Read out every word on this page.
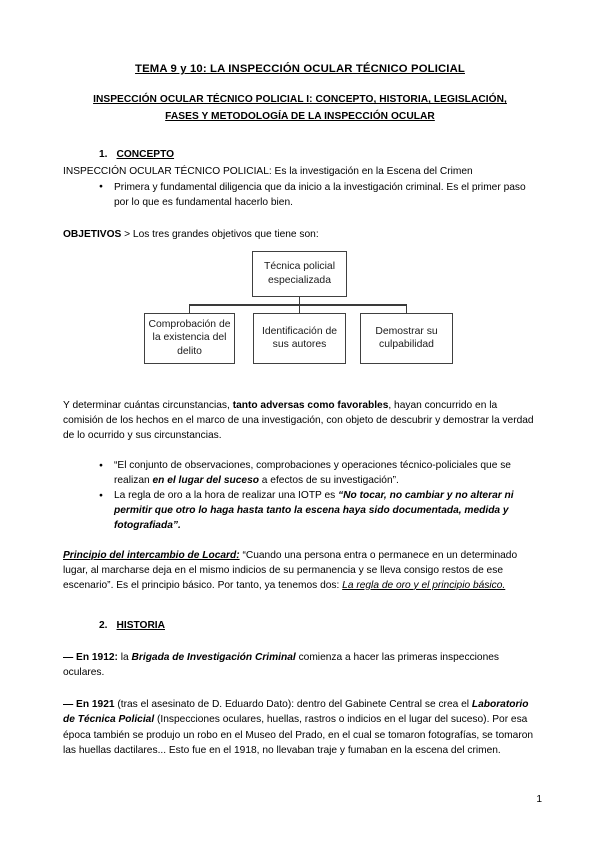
TEMA 9 y 10: LA INSPECCIÓN OCULAR TÉCNICO POLICIAL
INSPECCIÓN OCULAR TÉCNICO POLICIAL I: CONCEPTO, HISTORIA, LEGISLACIÓN,
FASES Y METODOLOGÍA DE LA INSPECCIÓN OCULAR
1. CONCEPTO

INSPECCIÓN OCULAR TÉCNICO POLICIAL: Es la investigación en la Escena del Crimen

● Primera y fundamental diligencia que da inicio a la investigación criminal. Es el primer paso por lo que es fundamental hacerlo bien.

OBJETIVOS > Los tres grandes objetivos que tiene son:

Técnica policial especializada
Comprobación de la existencia del delito
Identificación de sus autores
Demostrar su culpabilidad

Y determinar cuántas circunstancias, tanto adversas como favorables, hayan concurrido en la comisión de los hechos en el marco de una investigación, con objeto de descubrir y demostrar la verdad de lo ocurrido y sus circunstancias.

● “El conjunto de observaciones, comprobaciones y operaciones técnico-policiales que se realizan en el lugar del suceso a efectos de su investigación”.
● La regla de oro a la hora de realizar una IOTP es “No tocar, no cambiar y no alterar ni permitir que otro lo haga hasta tanto la escena haya sido documentada, medida y fotografiada”.

Principio del intercambio de Locard: “Cuando una persona entra o permanece en un determinado lugar, al marcharse deja en el mismo indicios de su permanencia y se lleva consigo restos de ese escenario”. Es el principio básico. Por tanto, ya tenemos dos: La regla de oro y el principio básico.

2. HISTORIA

— En 1912: la Brigada de Investigación Criminal comienza a hacer las primeras inspecciones oculares.

— En 1921 (tras el asesinato de D. Eduardo Dato): dentro del Gabinete Central se crea el Laboratorio de Técnica Policial (Inspecciones oculares, huellas, rastros o indicios en el lugar del suceso). Por esa época también se produjo un robo en el Museo del Prado, en el cual se tomaron fotografías, se tomaron las huellas dactilares... Esto fue en el 1918, no llevaban traje y fumaban en la escena del crimen.

1
